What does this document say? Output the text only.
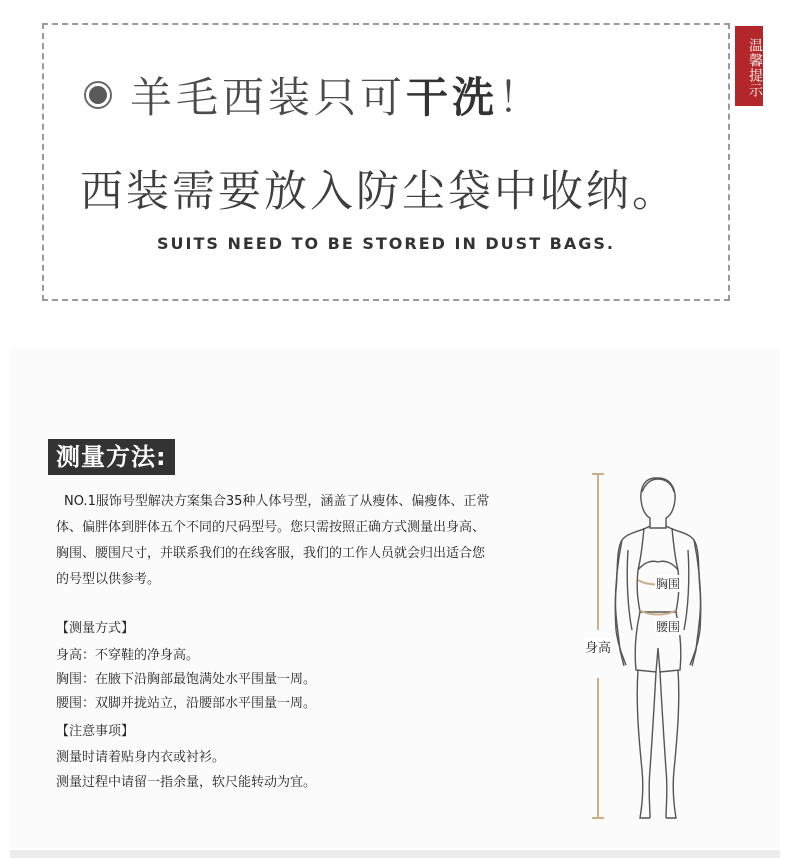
羊毛西装只可 干洗 ！
西装需要放入防尘袋中收纳。
SUITS NEED TO BE STORED IN DUST BAGS.
温馨提示
测量方法:
NO.1服饰号型解决方案集合35种人体号型，涵盖了从瘦体、偏瘦体、正常体、偏胖体到胖体五个不同的尺码型号。您只需按照正确方式测量出身高、胸围、腰围尺寸，并联系我们的在线客服，我们的工作人员就会归出适合您的号型以供参考。
【测量方式】
身高：不穿鞋的净身高。
胸围：在腋下沿胸部最饱满处水平围量一周。
腰围：双脚并拢站立，沿腰部水平围量一周。
【注意事项】
测量时请着贴身内衣或衬衫。
测量过程中请留一指余量，软尺能转动为宜。
胸围
腰围
身高
